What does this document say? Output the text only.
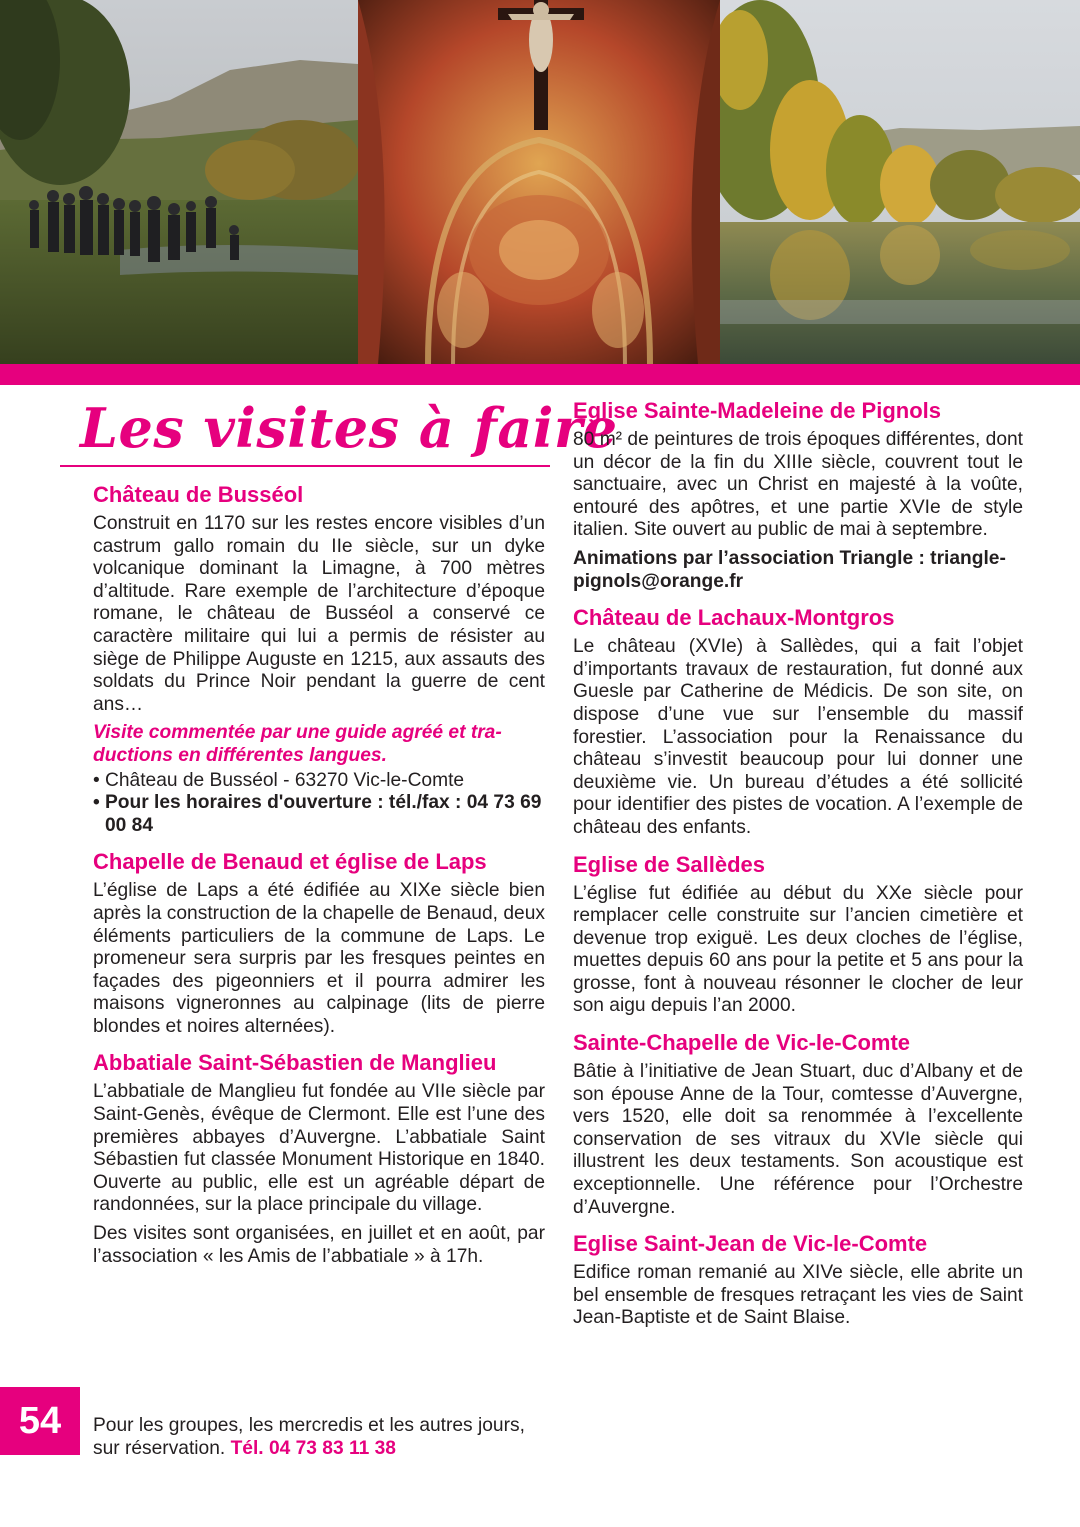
Les visites à faire
Château de Busséol

Construit en 1170 sur les restes encore visibles d’un castrum gallo romain du IIe siècle, sur un dyke volcanique dominant la Limagne, à 700 mètres d’altitude. Rare exemple de l’architecture d’époque romane, le château de Busséol a conservé ce caractère militaire qui lui a permis de résister au siège de Philippe Auguste en 1215, aux assauts des soldats du Prince Noir pendant la guerre de cent ans…

Visite commentée par une guide agréé et traductions en différentes langues.

• Château de Busséol - 63270 Vic-le-Comte
• Pour les horaires d'ouverture : tél./fax : 04 73 69 00 84
Chapelle de Benaud et église de Laps

L’église de Laps a été édifiée au XIXe siècle bien après la construction de la chapelle de Benaud, deux éléments particuliers de la commune de Laps. Le promeneur sera surpris par les fresques peintes en façades des pigeonniers et il pourra admirer les maisons vigneronnes au calpinage (lits de pierre blondes et noires alternées).

Abbatiale Saint-Sébastien de Manglieu

L’abbatiale de Manglieu fut fondée au VIIe siècle par Saint-Genès, évêque de Clermont. Elle est l’une des premières abbayes d’Auvergne. L’abbatiale Saint Sébastien fut classée Monument Historique en 1840. Ouverte au public, elle est un agréable départ de randonnées, sur la place principale du village.

Des visites sont organisées, en juillet et en août, par l’association « les Amis de l’abbatiale » à 17h.

Pour les groupes, les mercredis et les autres jours, sur réservation. Tél. 04 73 83 11 38
Eglise Sainte-Madeleine de Pignols

80 m² de peintures de trois époques différentes, dont un décor de la fin du XIIIe siècle, couvrent tout le sanctuaire, avec un Christ en majesté à la voûte, entouré des apôtres, et une partie XVIe de style italien. Site ouvert au public de mai à septembre.

Animations par l’association Triangle : triangle-pignols@orange.fr

Château de Lachaux-Montgros

Le château (XVIe) à Sallèdes, qui a fait l’objet d’importants travaux de restauration, fut donné aux Guesle par Catherine de Médicis. De son site, on dispose d’une vue sur l’ensemble du massif forestier. L’association pour la Renaissance du château s’investit beaucoup pour lui donner une deuxième vie. Un bureau d’études a été sollicité pour identifier des pistes de vocation. A l’exemple de château des enfants.

Eglise de Sallèdes

L’église fut édifiée au début du XXe siècle pour remplacer celle construite sur l’ancien cimetière et devenue trop exiguë. Les deux cloches de l’église, muettes depuis 60 ans pour la petite et 5 ans pour la grosse, font à nouveau résonner le clocher de leur son aigu depuis l’an 2000.

Sainte-Chapelle de Vic-le-Comte

Bâtie à l’initiative de Jean Stuart, duc d’Albany et de son épouse Anne de la Tour, comtesse d’Auvergne, vers 1520, elle doit sa renommée à l’excellente conservation de ses vitraux du XVIe siècle qui illustrent les deux testaments. Son acoustique est exceptionnelle. Une référence pour l’Orchestre d’Auvergne.

Eglise Saint-Jean de Vic-le-Comte

Edifice roman remanié au XIVe siècle, elle abrite un bel ensemble de fresques retraçant les vies de Saint Jean-Baptiste et de Saint Blaise.

54
